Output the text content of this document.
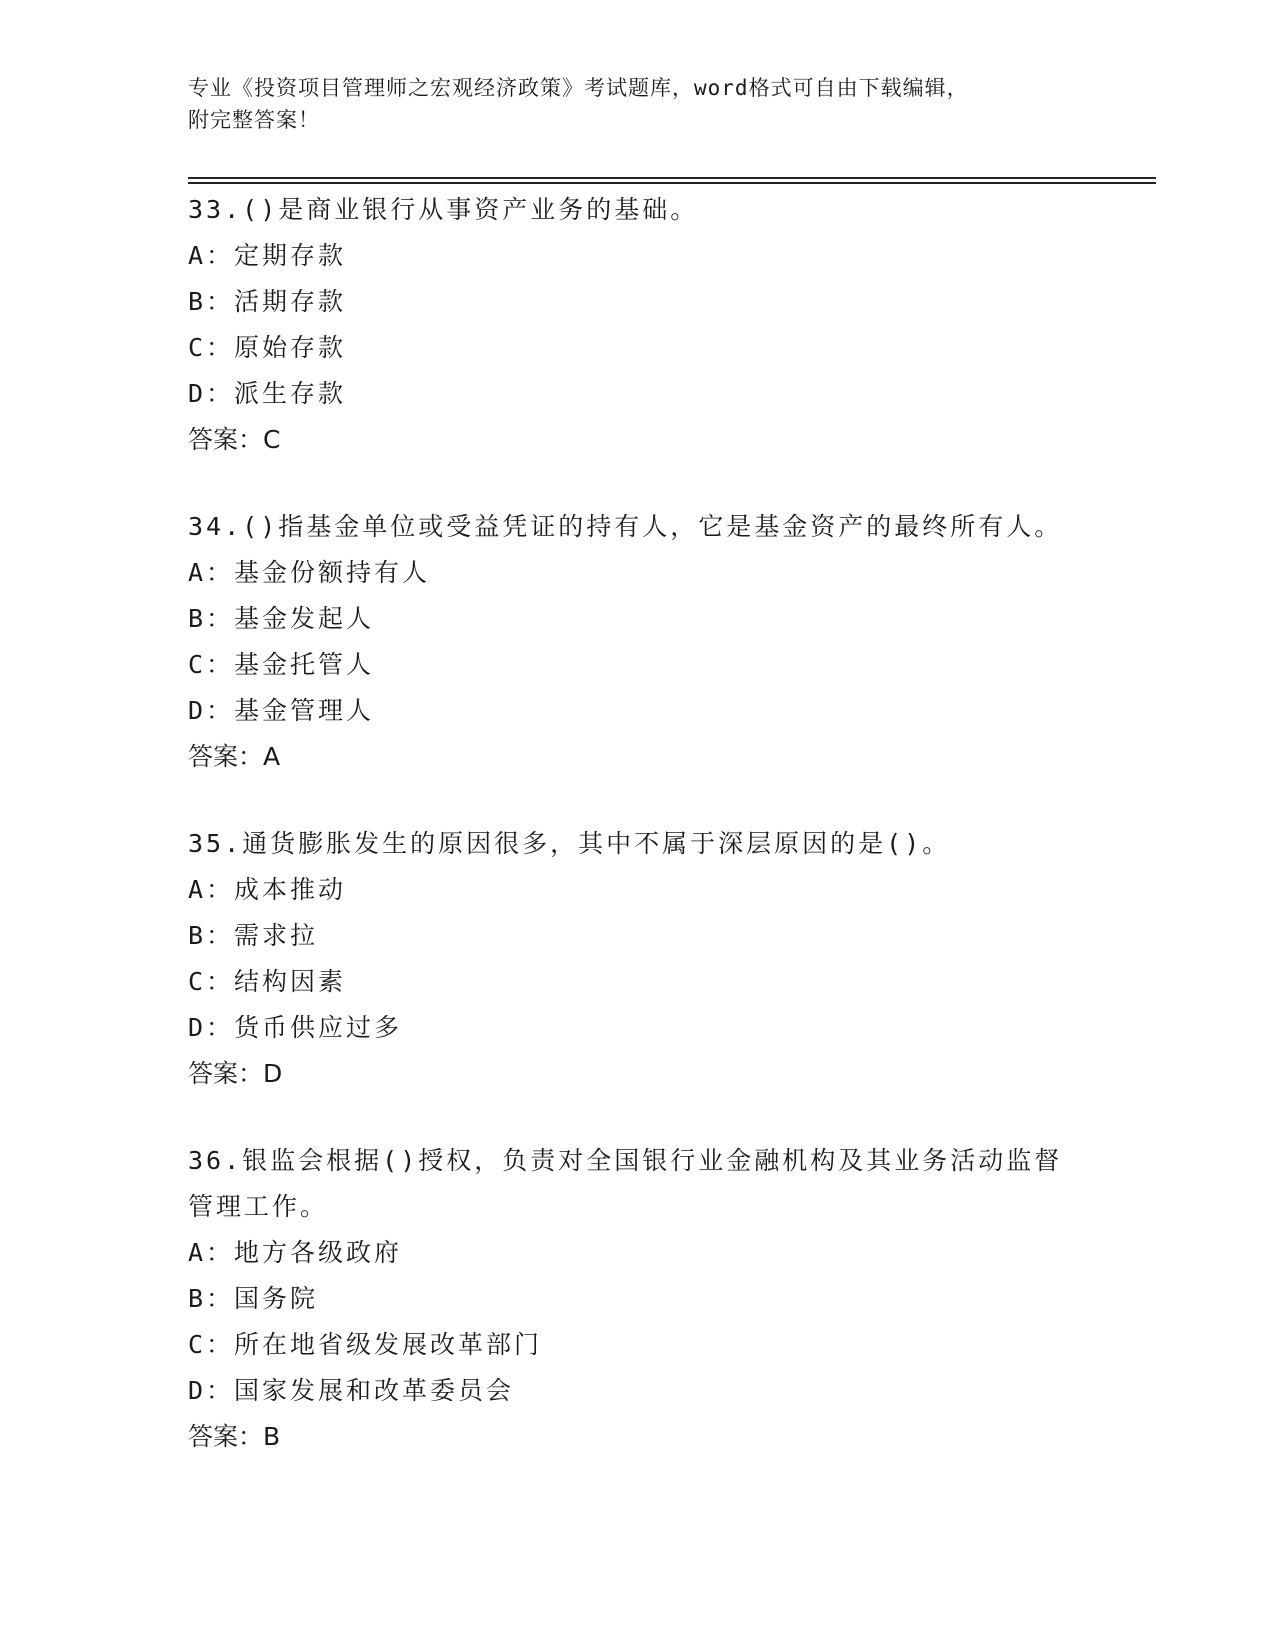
专业《投资项目管理师之宏观经济政策》考试题库，word格式可自由下载编辑，
附完整答案！
33.()是商业银行从事资产业务的基础。
A：定期存款
B：活期存款
C：原始存款
D：派生存款
答案：C
34.()指基金单位或受益凭证的持有人，它是基金资产的最终所有人。
A：基金份额持有人
B：基金发起人
C：基金托管人
D：基金管理人
答案：A
35.通货膨胀发生的原因很多，其中不属于深层原因的是()。
A：成本推动
B：需求拉
C：结构因素
D：货币供应过多
答案：D
36.银监会根据()授权，负责对全国银行业金融机构及其业务活动监督
管理工作。
A：地方各级政府
B：国务院
C：所在地省级发展改革部门
D：国家发展和改革委员会
答案：B
